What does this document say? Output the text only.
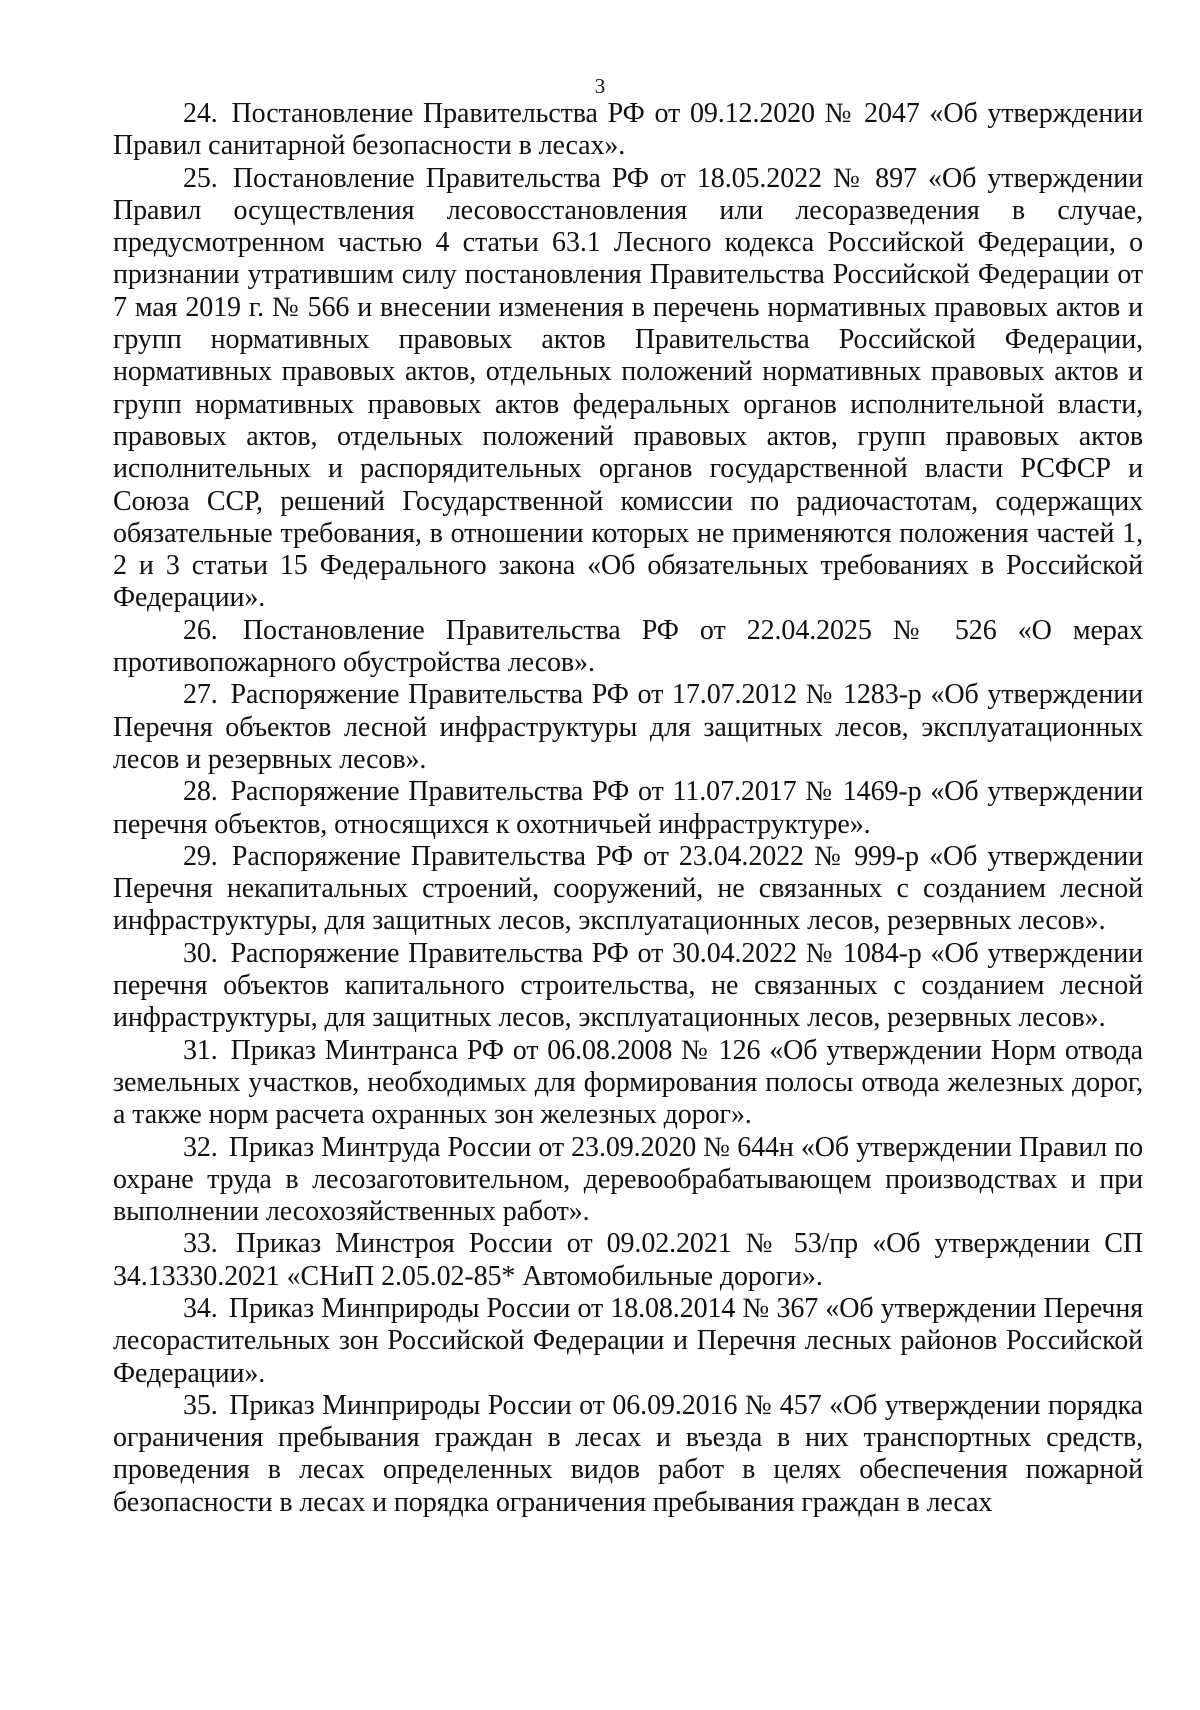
3

24. Постановление Правительства РФ от 09.12.2020 № 2047 «Об утверждении Правил санитарной безопасности в лесах».

25. Постановление Правительства РФ от 18.05.2022 № 897 «Об утверждении Правил осуществления лесовосстановления или лесоразведения в случае, предусмотренном частью 4 статьи 63.1 Лесного кодекса Российской Федерации, о признании утратившим силу постановления Правительства Российской Федерации от 7 мая 2019 г. № 566 и внесении изменения в перечень нормативных правовых актов и групп нормативных правовых актов Правительства Российской Федерации, нормативных правовых актов, отдельных положений нормативных правовых актов и групп нормативных правовых актов федеральных органов исполнительной власти, правовых актов, отдельных положений правовых актов, групп правовых актов исполнительных и распорядительных органов государственной власти РСФСР и Союза ССР, решений Государственной комиссии по радиочастотам, содержащих обязательные требования, в отношении которых не применяются положения частей 1, 2 и 3 статьи 15 Федерального закона «Об обязательных требованиях в Российской Федерации».

26. Постановление Правительства РФ от 22.04.2025 № 526 «О мерах противопожарного обустройства лесов».

27. Распоряжение Правительства РФ от 17.07.2012 № 1283-р «Об утверждении Перечня объектов лесной инфраструктуры для защитных лесов, эксплуатационных лесов и резервных лесов».

28. Распоряжение Правительства РФ от 11.07.2017 № 1469-р «Об утверждении перечня объектов, относящихся к охотничьей инфраструктуре».

29. Распоряжение Правительства РФ от 23.04.2022 № 999-р «Об утверждении Перечня некапитальных строений, сооружений, не связанных с созданием лесной инфраструктуры, для защитных лесов, эксплуатационных лесов, резервных лесов».

30. Распоряжение Правительства РФ от 30.04.2022 № 1084-р «Об утверждении перечня объектов капитального строительства, не связанных с созданием лесной инфраструктуры, для защитных лесов, эксплуатационных лесов, резервных лесов».

31. Приказ Минтранса РФ от 06.08.2008 № 126 «Об утверждении Норм отвода земельных участков, необходимых для формирования полосы отвода железных дорог, а также норм расчета охранных зон железных дорог».

32. Приказ Минтруда России от 23.09.2020 № 644н «Об утверждении Правил по охране труда в лесозаготовительном, деревообрабатывающем производствах и при выполнении лесохозяйственных работ».

33. Приказ Минстроя России от 09.02.2021 № 53/пр «Об утверждении СП 34.13330.2021 «СНиП 2.05.02-85* Автомобильные дороги».

34. Приказ Минприроды России от 18.08.2014 № 367 «Об утверждении Перечня лесорастительных зон Российской Федерации и Перечня лесных районов Российской Федерации».

35. Приказ Минприроды России от 06.09.2016 № 457 «Об утверждении порядка ограничения пребывания граждан в лесах и въезда в них транспортных средств, проведения в лесах определенных видов работ в целях обеспечения пожарной безопасности в лесах и порядка ограничения пребывания граждан в лесах
